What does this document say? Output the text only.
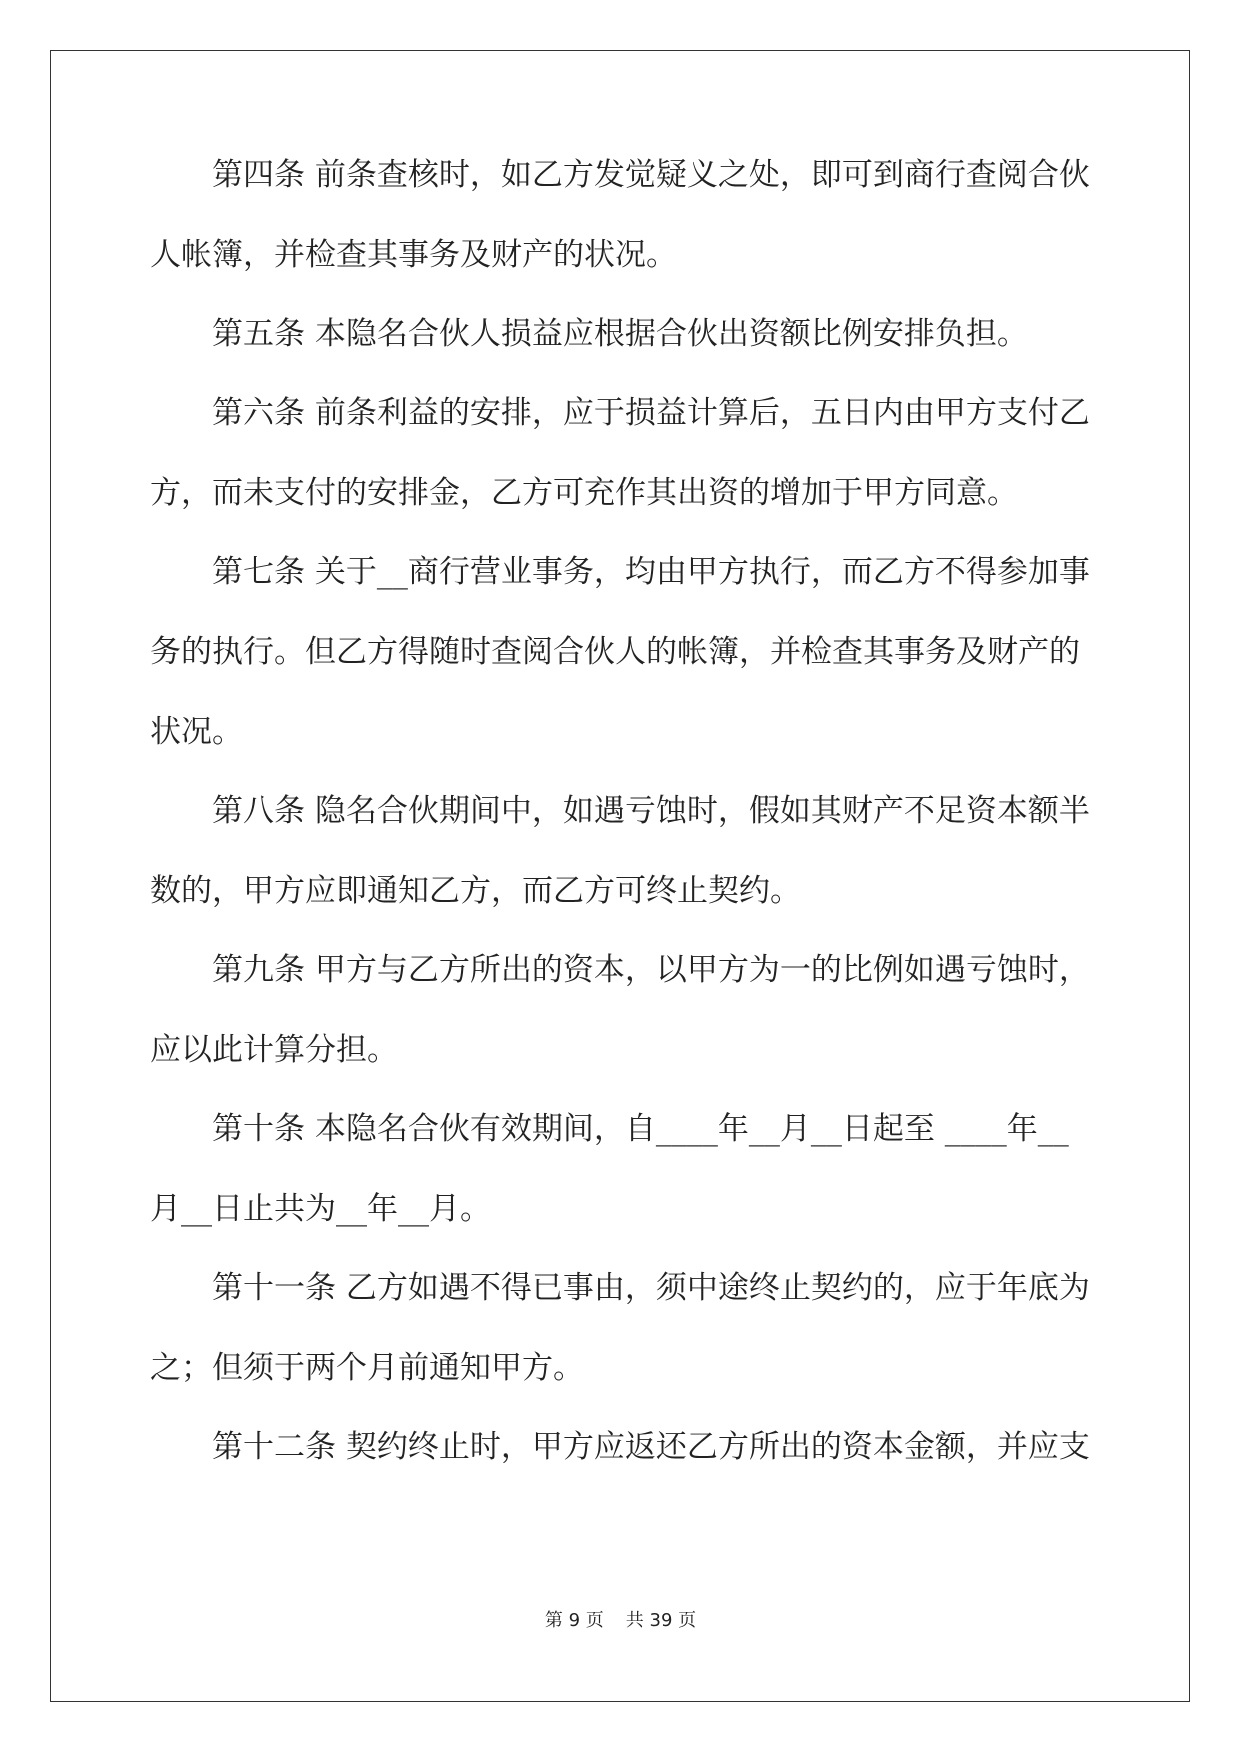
第四条 前条查核时，如乙方发觉疑义之处，即可到商行查阅合伙
人帐簿，并检查其事务及财产的状况。
第五条 本隐名合伙人损益应根据合伙出资额比例安排负担。
第六条 前条利益的安排，应于损益计算后，五日内由甲方支付乙
方，而未支付的安排金，乙方可充作其出资的增加于甲方同意。
第七条 关于__商行营业事务，均由甲方执行，而乙方不得参加事
务的执行。但乙方得随时查阅合伙人的帐簿，并检查其事务及财产的
状况。
第八条 隐名合伙期间中，如遇亏蚀时，假如其财产不足资本额半
数的，甲方应即通知乙方，而乙方可终止契约。
第九条 甲方与乙方所出的资本，以甲方为一的比例如遇亏蚀时，
应以此计算分担。
第十条 本隐名合伙有效期间，自____年__月__日起至 ____年__
月__日止共为__年__月。
第十一条 乙方如遇不得已事由，须中途终止契约的，应于年底为
之；但须于两个月前通知甲方。
第十二条 契约终止时，甲方应返还乙方所出的资本金额，并应支
第 9 页 共 39 页
